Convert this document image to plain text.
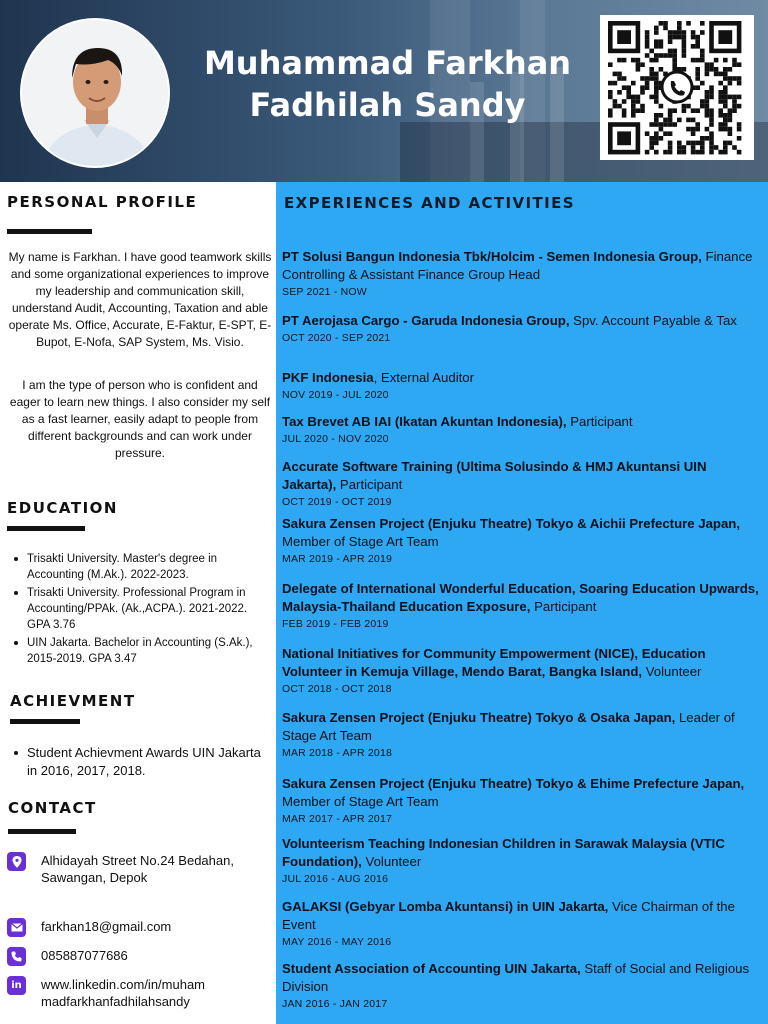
Muhammad Farkhan
Fadhilah Sandy
PERSONAL PROFILE
My name is Farkhan. I have good teamwork skills and some organizational experiences to improve my leadership and communication skill, understand Audit, Accounting, Taxation and able operate Ms. Office, Accurate, E-Faktur, E-SPT, E-Bupot, E-Nofa, SAP System, Ms. Visio.
I am the type of person who is confident and eager to learn new things. I also consider my self as a fast learner, easily adapt to people from different backgrounds and can work under pressure.
EDUCATION
Trisakti University. Master's degree in Accounting (M.Ak.). 2022-2023.
Trisakti University. Professional Program in Accounting/PPAk. (Ak.,ACPA.). 2021-2022. GPA 3.76
UIN Jakarta. Bachelor in Accounting (S.Ak.), 2015-2019. GPA 3.47
ACHIEVMENT
Student Achievment Awards UIN Jakarta in 2016, 2017, 2018.
CONTACT
Alhidayah Street No.24 Bedahan, Sawangan, Depok
farkhan18@gmail.com
085887077686
in	www.linkedin.com/in/muham madfarkhanfadhilahsandy
EXPERIENCES AND ACTIVITIES
PT Solusi Bangun Indonesia Tbk/Holcim - Semen Indonesia Group, Finance Controlling & Assistant Finance Group Head
SEP 2021 - NOW
PT Aerojasa Cargo - Garuda Indonesia Group, Spv. Account Payable & Tax
OCT 2020 - SEP 2021
PKF Indonesia, External Auditor
NOV 2019 - JUL 2020
Tax Brevet AB IAI (Ikatan Akuntan Indonesia), Participant
JUL 2020 - NOV 2020
Accurate Software Training (Ultima Solusindo & HMJ Akuntansi UIN Jakarta), Participant
OCT 2019 - OCT 2019
Sakura Zensen Project (Enjuku Theatre) Tokyo & Aichii Prefecture Japan, Member of Stage Art Team
MAR 2019 - APR 2019
Delegate of International Wonderful Education, Soaring Education Upwards, Malaysia-Thailand Education Exposure, Participant
FEB 2019 - FEB 2019
National Initiatives for Community Empowerment (NICE), Education Volunteer in Kemuja Village, Mendo Barat, Bangka Island, Volunteer
OCT 2018 - OCT 2018
Sakura Zensen Project (Enjuku Theatre) Tokyo & Osaka Japan, Leader of Stage Art Team
MAR 2018 - APR 2018
Sakura Zensen Project (Enjuku Theatre) Tokyo & Ehime Prefecture Japan, Member of Stage Art Team
MAR 2017 - APR 2017
Volunteerism Teaching Indonesian Children in Sarawak Malaysia (VTIC Foundation), Volunteer
JUL 2016 - AUG 2016
GALAKSI (Gebyar Lomba Akuntansi) in UIN Jakarta, Vice Chairman of the Event
MAY 2016 - MAY 2016
Student Association of Accounting UIN Jakarta, Staff of Social and Religious Division
JAN 2016 - JAN 2017
